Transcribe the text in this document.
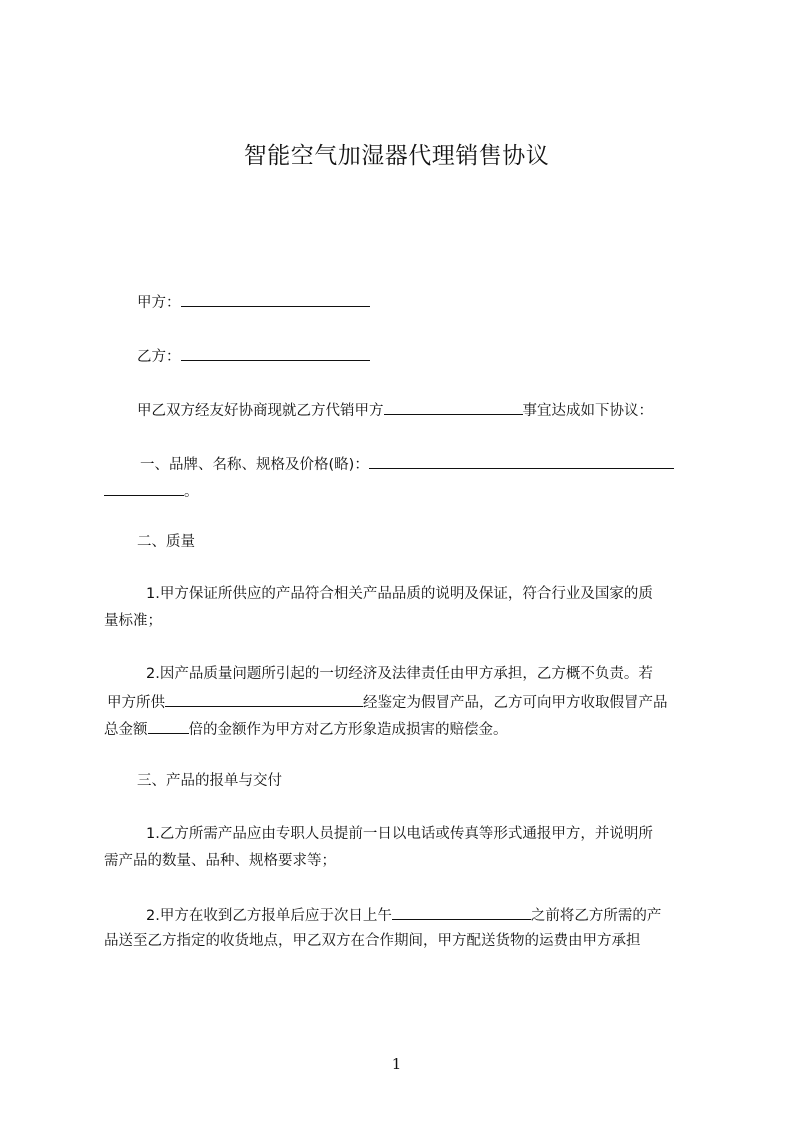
智能空气加湿器代理销售协议
甲方：
乙方：
甲乙双方经友好协商现就乙方代销甲方	事宜达成如下协议：
一、品牌、名称、规格及价格(略)：
。
二、质量
1.甲方保证所供应的产品符合相关产品品质的说明及保证，符合行业及国家的质
量标准；
2.因产品质量问题所引起的一切经济及法律责任由甲方承担，乙方概不负责。若
甲方所供	经鉴定为假冒产品，乙方可向甲方收取假冒产品
总金额	倍的金额作为甲方对乙方形象造成损害的赔偿金。
三、产品的报单与交付
1.乙方所需产品应由专职人员提前一日以电话或传真等形式通报甲方，并说明所
需产品的数量、品种、规格要求等；
2.甲方在收到乙方报单后应于次日上午	之前将乙方所需的产
品送至乙方指定的收货地点，甲乙双方在合作期间，甲方配送货物的运费由甲方承担
1
